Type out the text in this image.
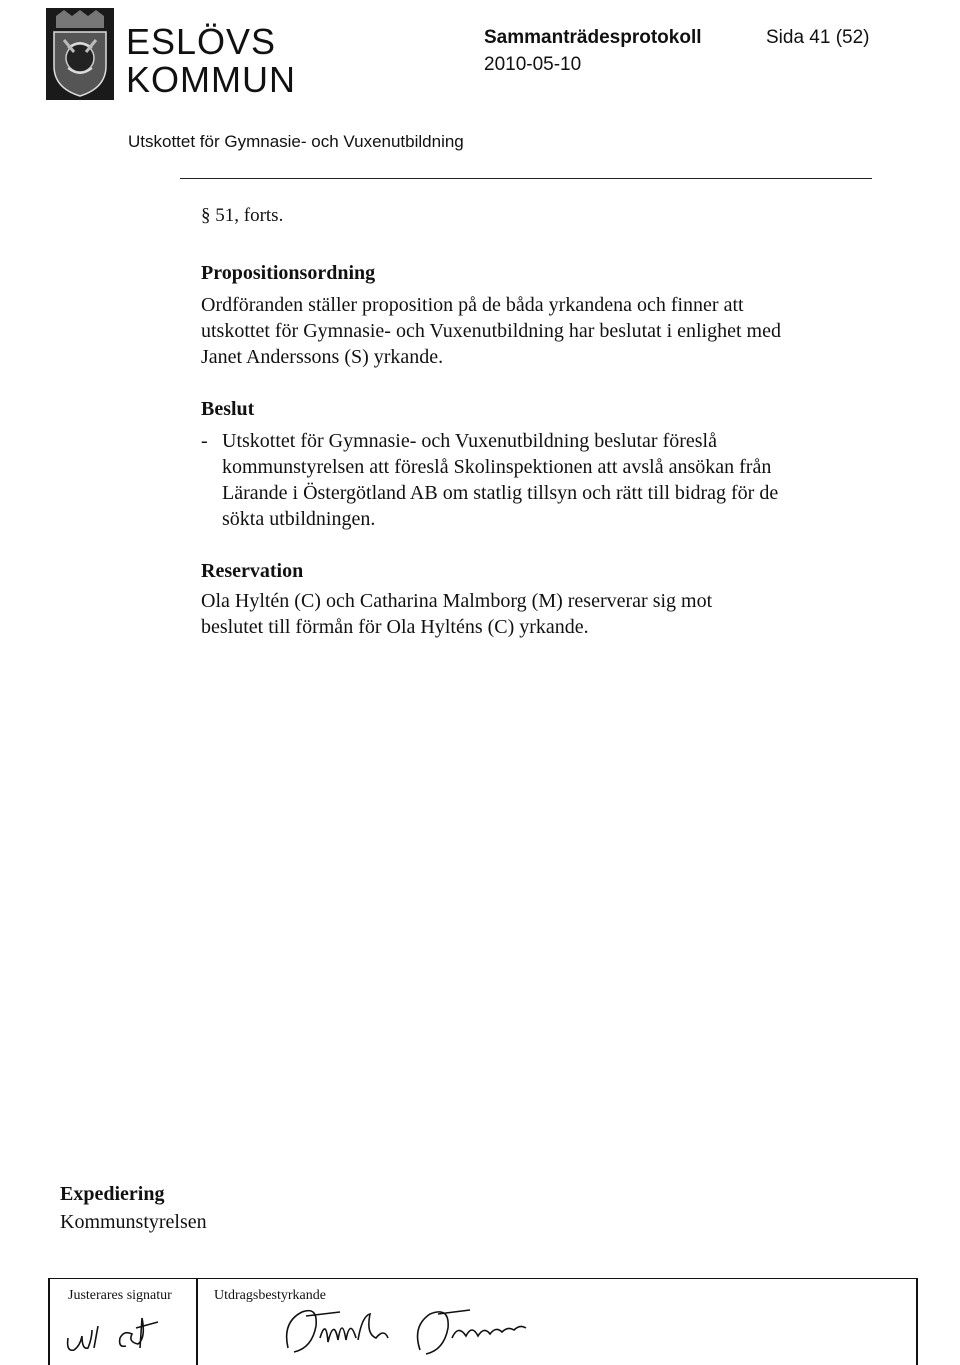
ESLÖVS
KOMMUN
Sammanträdesprotokoll
2010-05-10
Sida 41 (52)
Utskottet för Gymnasie- och Vuxenutbildning
§ 51, forts.
Propositionsordning
Ordföranden ställer proposition på de båda yrkandena och finner att utskottet för Gymnasie- och Vuxenutbildning har beslutat i enlighet med Janet Anderssons (S) yrkande.
Beslut
- Utskottet för Gymnasie- och Vuxenutbildning beslutar föreslå kommunstyrelsen att föreslå Skolinspektionen att avslå ansökan från Lärande i Östergötland AB om statlig tillsyn och rätt till bidrag för de sökta utbildningen.
Reservation
Ola Hyltén (C) och Catharina Malmborg (M) reserverar sig mot beslutet till förmån för Ola Hylténs (C) yrkande.
Expediering
Kommunstyrelsen
Justerares signatur	Utdragsbestyrkande
